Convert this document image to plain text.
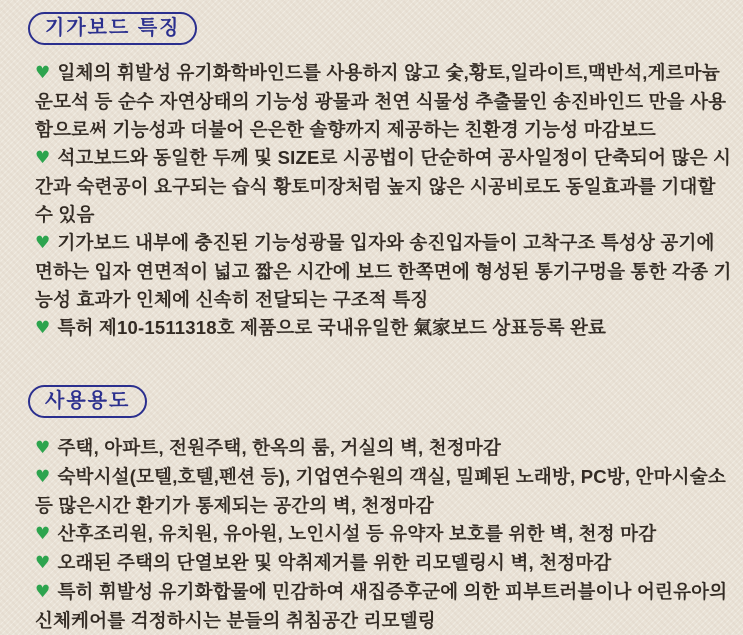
기가보드 특징
♥ 일체의 휘발성 유기화학바인드를 사용하지 않고 숯,황토,일라이트,맥반석,게르마늄운모석 등 순수 자연상태의 기능성 광물과 천연 식물성 추출물인 송진바인드 만을 사용함으로써 기능성과 더불어 은은한 솔향까지 제공하는 친환경 기능성 마감보드
♥ 석고보드와 동일한 두께 및 SIZE로 시공법이 단순하여 공사일정이 단축되어 많은 시간과 숙련공이 요구되는 습식 황토미장처럼 높지 않은 시공비로도 동일효과를 기대할 수 있음
♥ 기가보드 내부에 충진된 기능성광물 입자와 송진입자들이 고착구조 특성상 공기에 면하는 입자 연면적이 넓고 짧은 시간에 보드 한쪽면에 형성된 통기구멍을 통한 각종 기능성 효과가 인체에 신속히 전달되는 구조적 특징
♥ 특허 제10-1511318호 제품으로 국내유일한 氣家보드 상표등록 완료
사용용도
♥ 주택, 아파트, 전원주택, 한옥의 룸, 거실의 벽, 천정마감
♥ 숙박시설(모텔,호텔,펜션 등), 기업연수원의 객실, 밀폐된 노래방, PC방, 안마시술소 등 많은시간 환기가 통제되는 공간의 벽, 천정마감
♥ 산후조리원, 유치원, 유아원, 노인시설 등 유약자 보호를 위한 벽, 천정 마감
♥ 오래된 주택의 단열보완 및 악취제거를 위한 리모델링시 벽, 천정마감
♥ 특히 휘발성 유기화합물에 민감하여 새집증후군에 의한 피부트러블이나 어린유아의 신체케어를 걱정하시는 분들의 취침공간 리모델링
